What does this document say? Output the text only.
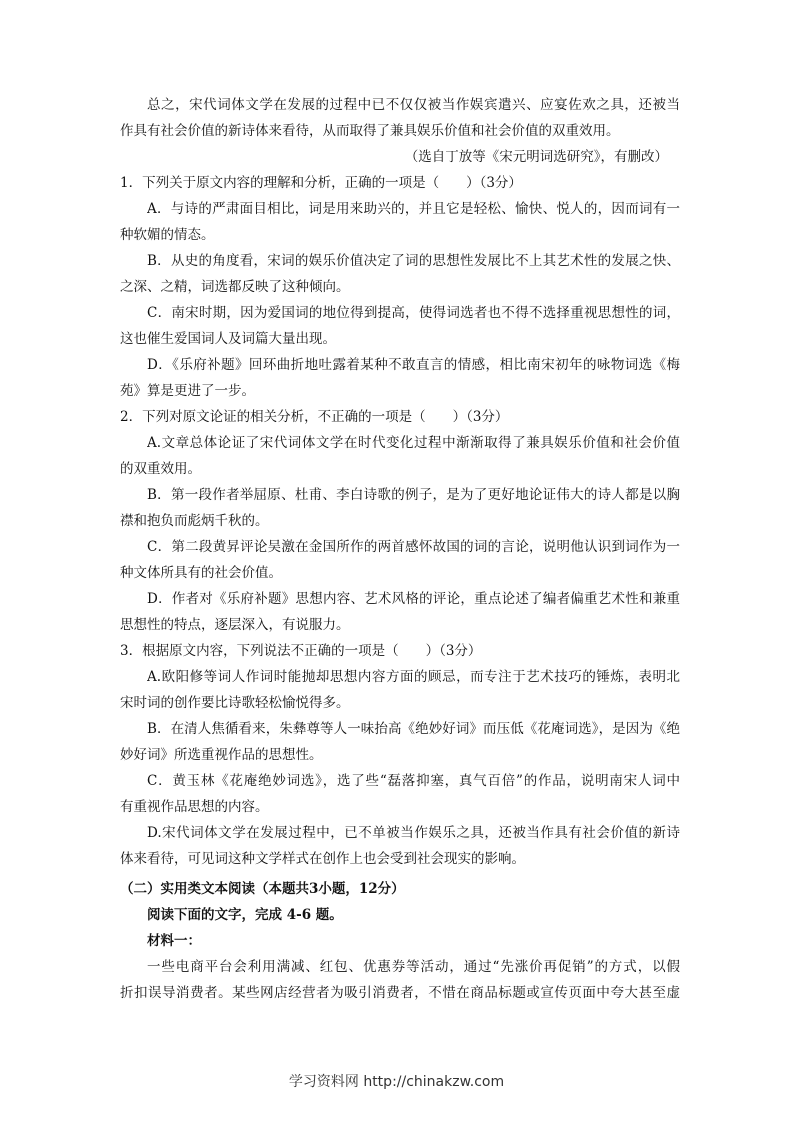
总之，宋代词体文学在发展的过程中已不仅仅被当作娱宾遣兴、应宴佐欢之具，还被当
作具有社会价值的新诗体来看待，从而取得了兼具娱乐价值和社会价值的双重效用。
（选自丁放等《宋元明词选研究》，有删改）
1．下列关于原文内容的理解和分析，正确的一项是（　　）（3分）
A．与诗的严肃面目相比，词是用来助兴的，并且它是轻松、愉快、悦人的，因而词有一
种软媚的情态。
B．从史的角度看，宋词的娱乐价值决定了词的思想性发展比不上其艺术性的发展之快、
之深、之精，词选都反映了这种倾向。
C．南宋时期，因为爱国词的地位得到提高，使得词选者也不得不选择重视思想性的词，
这也催生爱国词人及词篇大量出现。
D．《乐府补题》回环曲折地吐露着某种不敢直言的情感，相比南宋初年的咏物词选《梅
苑》算是更进了一步。
2．下列对原文论证的相关分析，不正确的一项是（　　）（3分）
A.文章总体论证了宋代词体文学在时代变化过程中渐渐取得了兼具娱乐价值和社会价值
的双重效用。
B．第一段作者举屈原、杜甫、李白诗歌的例子，是为了更好地论证伟大的诗人都是以胸
襟和抱负而彪炳千秋的。
C．第二段黄昇评论吴激在金国所作的两首感怀故国的词的言论，说明他认识到词作为一
种文体所具有的社会价值。
D．作者对《乐府补题》思想内容、艺术风格的评论，重点论述了编者偏重艺术性和兼重
思想性的特点，逐层深入，有说服力。
3．根据原文内容，下列说法不正确的一项是（　　）（3分）
A.欧阳修等词人作词时能抛却思想内容方面的顾忌，而专注于艺术技巧的锤炼，表明北
宋时词的创作要比诗歌轻松愉悦得多。
B．在清人焦循看来，朱彝尊等人一味抬高《绝妙好词》而压低《花庵词选》，是因为《绝
妙好词》所选重视作品的思想性。
C．黄玉林《花庵绝妙词选》，选了些“磊落抑塞，真气百倍”的作品，说明南宋人词中
有重视作品思想的内容。
D.宋代词体文学在发展过程中，已不单被当作娱乐之具，还被当作具有社会价值的新诗
体来看待，可见词这种文学样式在创作上也会受到社会现实的影响。
（二）实用类文本阅读（本题共3小题，12分）
阅读下面的文字，完成 4-6 题。
材料一：
一些电商平台会利用满减、红包、优惠券等活动，通过“先涨价再促销”的方式，以假
折扣误导消费者。某些网店经营者为吸引消费者，不惜在商品标题或宣传页面中夸大甚至虚
学习资料网 http://chinakzw.com
